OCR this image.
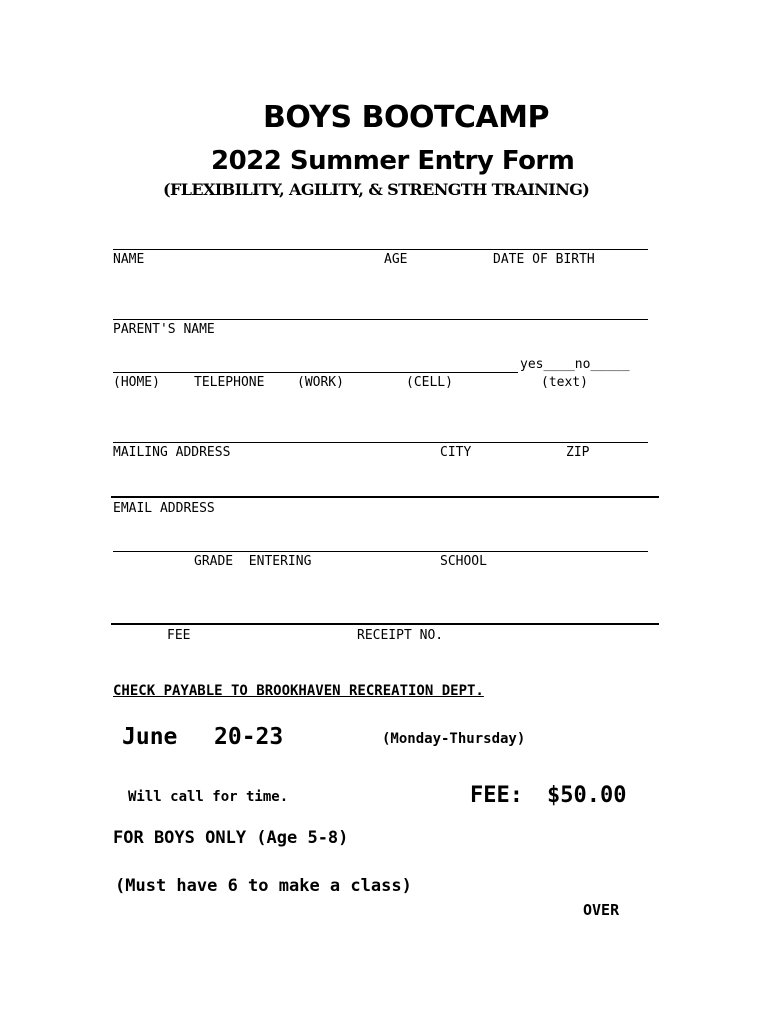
BOYS BOOTCAMP
2022 Summer Entry Form
(FLEXIBILITY, AGILITY, & STRENGTH TRAINING)
NAME	AGE	DATE OF BIRTH
PARENT'S NAME
yes____no_____
(HOME)	TELEPHONE	(WORK)	(CELL)	(text)
MAILING ADDRESS	CITY	ZIP
EMAIL ADDRESS
GRADE  ENTERING	SCHOOL
FEE	RECEIPT NO.
CHECK PAYABLE TO BROOKHAVEN RECREATION DEPT.
June 20-23	(Monday-Thursday)
Will call for time.	FEE: $50.00
FOR BOYS ONLY (Age 5-8)
(Must have 6 to make a class)
OVER
